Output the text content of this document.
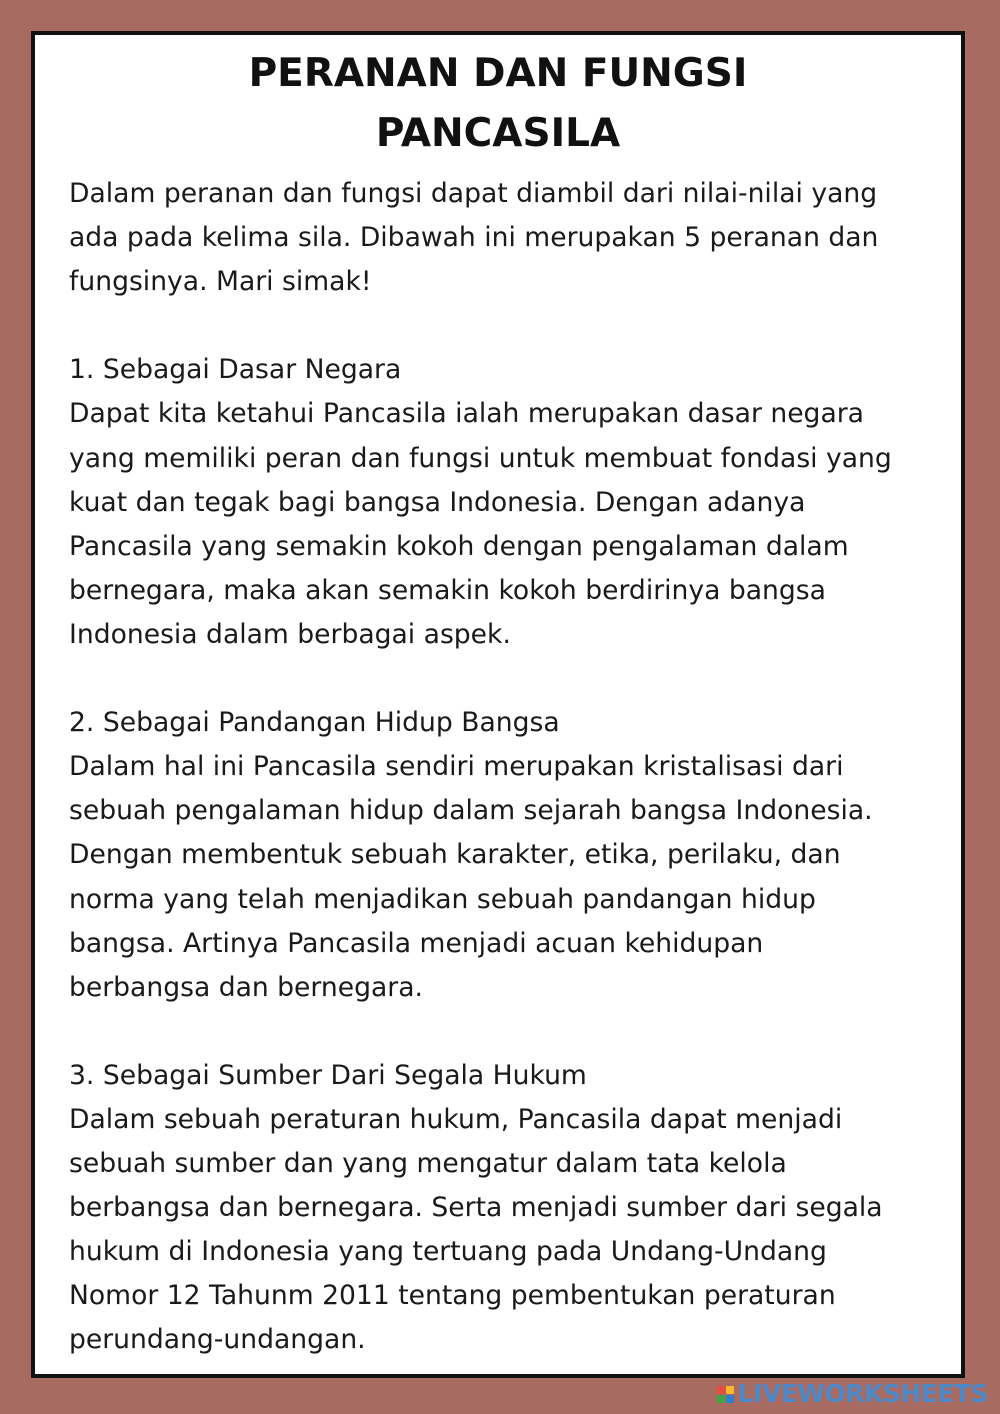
PERANAN DAN FUNGSI
PANCASILA
Dalam peranan dan fungsi dapat diambil dari nilai-nilai yang
ada pada kelima sila. Dibawah ini merupakan 5 peranan dan
fungsinya. Mari simak!
1. Sebagai Dasar Negara
Dapat kita ketahui Pancasila ialah merupakan dasar negara
yang memiliki peran dan fungsi untuk membuat fondasi yang
kuat dan tegak bagi bangsa Indonesia. Dengan adanya
Pancasila yang semakin kokoh dengan pengalaman dalam
bernegara, maka akan semakin kokoh berdirinya bangsa
Indonesia dalam berbagai aspek.
2. Sebagai Pandangan Hidup Bangsa
Dalam hal ini Pancasila sendiri merupakan kristalisasi dari
sebuah pengalaman hidup dalam sejarah bangsa Indonesia.
Dengan membentuk sebuah karakter, etika, perilaku, dan
norma yang telah menjadikan sebuah pandangan hidup
bangsa. Artinya Pancasila menjadi acuan kehidupan
berbangsa dan bernegara.
3. Sebagai Sumber Dari Segala Hukum
Dalam sebuah peraturan hukum, Pancasila dapat menjadi
sebuah sumber dan yang mengatur dalam tata kelola
berbangsa dan bernegara. Serta menjadi sumber dari segala
hukum di Indonesia yang tertuang pada Undang-Undang
Nomor 12 Tahunm 2011 tentang pembentukan peraturan
perundang-undangan.
LIVEWORKSHEETS
